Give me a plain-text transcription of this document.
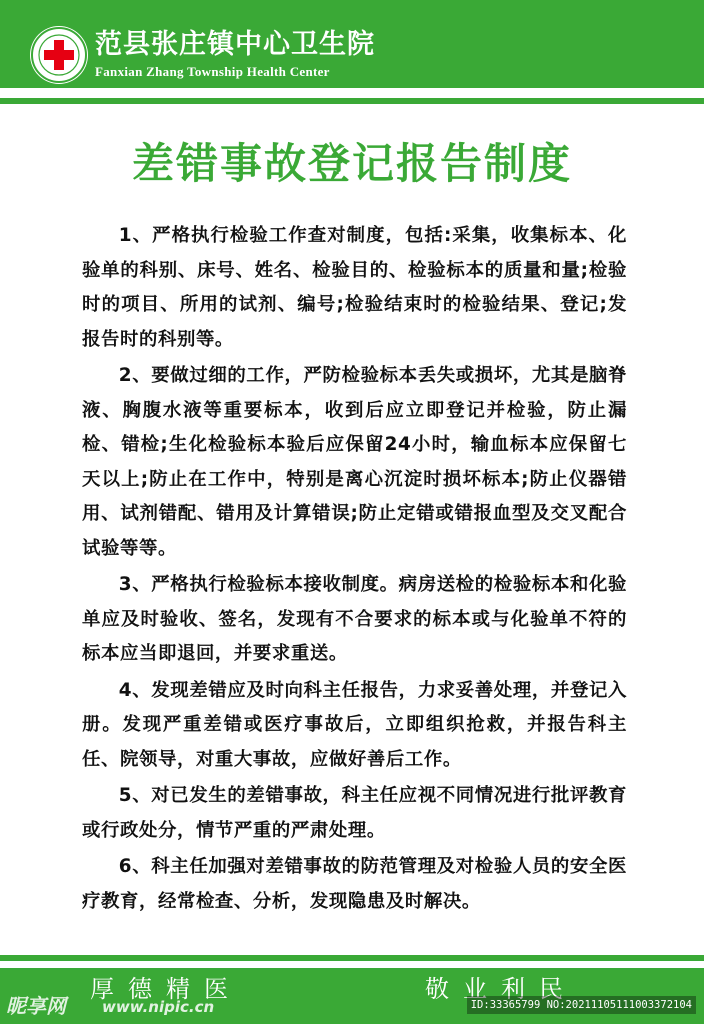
范县张庄镇中心卫生院

Fanxian Zhang Township Health Center

差错事故登记报告制度

1、严格执行检验工作查对制度，包括:采集，收集标本、化验单的科别、床号、姓名、检验目的、检验标本的质量和量;检验时的项目、所用的试剂、编号;检验结束时的检验结果、登记;发报告时的科别等。

2、要做过细的工作，严防检验标本丢失或损坏，尤其是脑脊液、胸腹水液等重要标本，收到后应立即登记并检验，防止漏检、错检;生化检验标本验后应保留24小时，输血标本应保留七天以上;防止在工作中，特别是离心沉淀时损坏标本;防止仪器错用、试剂错配、错用及计算错误;防止定错或错报血型及交叉配合试验等等。

3、严格执行检验标本接收制度。病房送检的检验标本和化验单应及时验收、签名，发现有不合要求的标本或与化验单不符的标本应当即退回，并要求重送。

4、发现差错应及时向科主任报告，力求妥善处理，并登记入册。发现严重差错或医疗事故后，立即组织抢救，并报告科主任、院领导，对重大事故，应做好善后工作。

5、对已发生的差错事故，科主任应视不同情况进行批评教育或行政处分，情节严重的严肃处理。

6、科主任加强对差错事故的防范管理及对检验人员的安全医疗教育，经常检查、分析，发现隐患及时解决。

厚德精医	敬业利民

昵享网 www.nipic.cn	ID:33365799 NO:20211105111003372104
